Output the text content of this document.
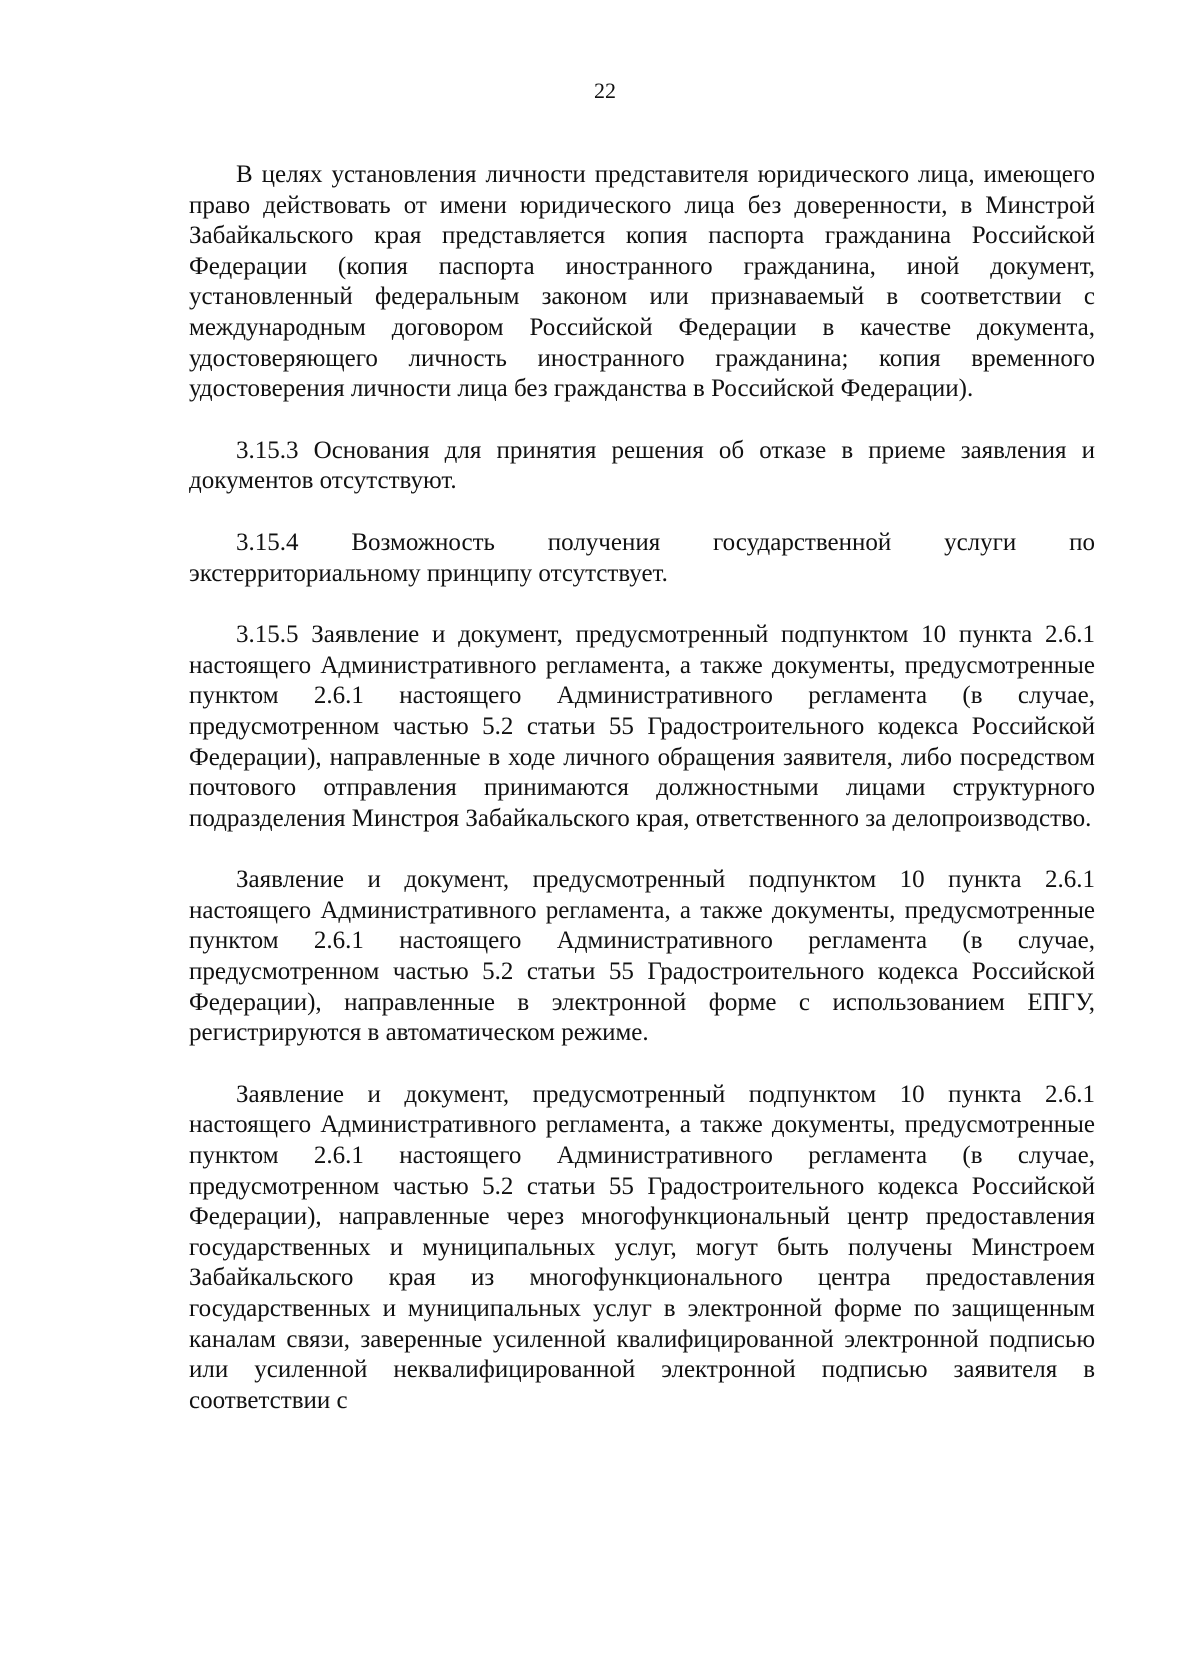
22

В целях установления личности представителя юридического лица, имеющего право действовать от имени юридического лица без доверенности, в Минстрой Забайкальского края представляется копия паспорта гражданина Российской Федерации (копия паспорта иностранного гражданина, иной документ, установленный федеральным законом или признаваемый в соответствии с международным договором Российской Федерации в качестве документа, удостоверяющего личность иностранного гражданина; копия временного удостоверения личности лица без гражданства в Российской Федерации).

3.15.3 Основания для принятия решения об отказе в приеме заявления и документов отсутствуют.

3.15.4 Возможность получения государственной услуги по экстерриториальному принципу отсутствует.

3.15.5 Заявление и документ, предусмотренный подпунктом 10 пункта 2.6.1 настоящего Административного регламента, а также документы, предусмотренные пунктом 2.6.1 настоящего Административного регламента (в случае, предусмотренном частью 5.2 статьи 55 Градостроительного кодекса Российской Федерации), направленные в ходе личного обращения заявителя, либо посредством почтового отправления принимаются должностными лицами структурного подразделения Минстроя Забайкальского края, ответственного за делопроизводство.

Заявление и документ, предусмотренный подпунктом 10 пункта 2.6.1 настоящего Административного регламента, а также документы, предусмотренные пунктом 2.6.1 настоящего Административного регламента (в случае, предусмотренном частью 5.2 статьи 55 Градостроительного кодекса Российской Федерации), направленные в электронной форме с использованием ЕПГУ, регистрируются в автоматическом режиме.

Заявление и документ, предусмотренный подпунктом 10 пункта 2.6.1 настоящего Административного регламента, а также документы, предусмотренные пунктом 2.6.1 настоящего Административного регламента (в случае, предусмотренном частью 5.2 статьи 55 Градостроительного кодекса Российской Федерации), направленные через многофункциональный центр предоставления государственных и муниципальных услуг, могут быть получены Минстроем Забайкальского края из многофункционального центра предоставления государственных и муниципальных услуг в электронной форме по защищенным каналам связи, заверенные усиленной квалифицированной электронной подписью или усиленной неквалифицированной электронной подписью заявителя в соответствии с
